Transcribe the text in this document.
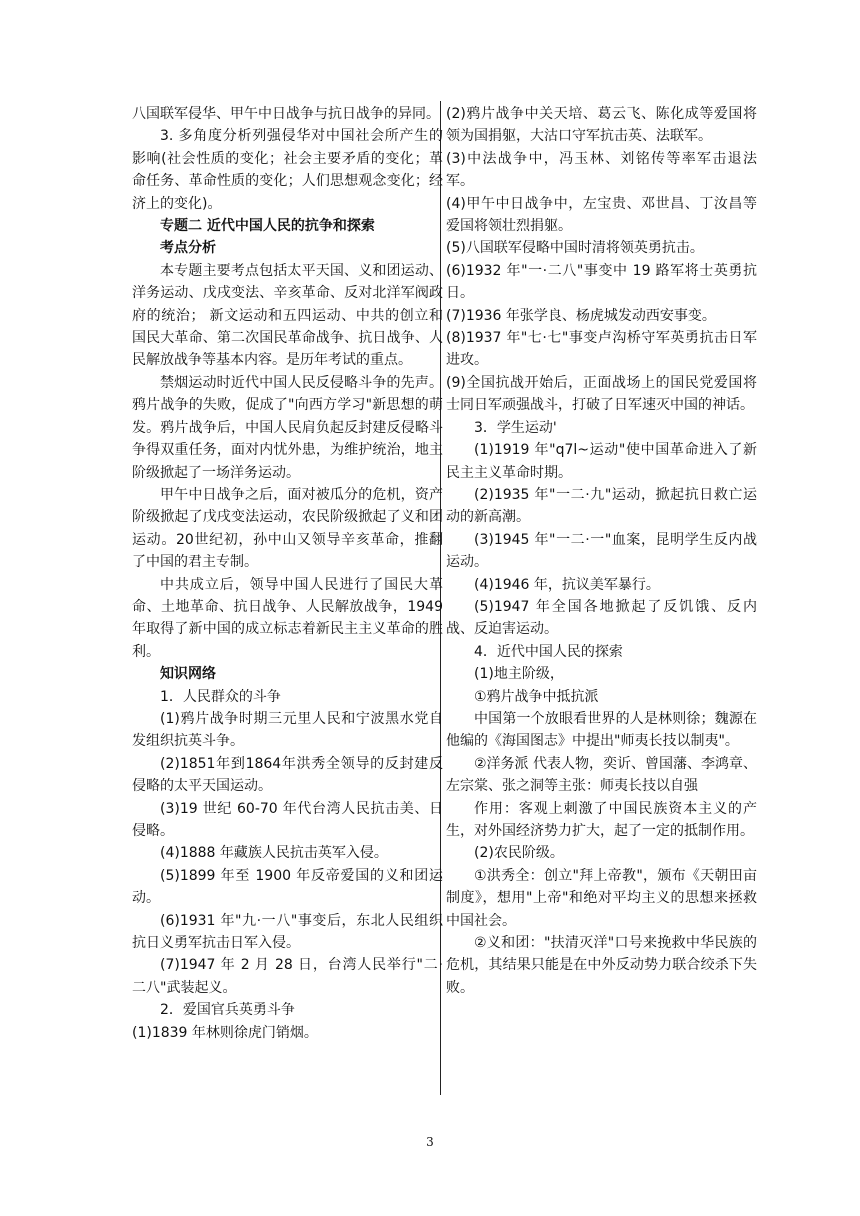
八国联军侵华、甲午中日战争与抗日战争的异同。

3. 多角度分析列强侵华对中国社会所产生的影响(社会性质的变化；社会主要矛盾的变化；革命任务、革命性质的变化；人们思想观念变化；经济上的变化)。

专题二 近代中国人民的抗争和探索

考点分析

本专题主要考点包括太平天国、义和团运动、洋务运动、戊戌变法、辛亥革命、反对北洋军阀政府的统治； 新文运动和五四运动、中共的创立和国民大革命、第二次国民革命战争、抗日战争、人民解放战争等基本内容。是历年考试的重点。

禁烟运动时近代中国人民反侵略斗争的先声。鸦片战争的失败，促成了"向西方学习"新思想的萌发。鸦片战争后，中国人民肩负起反封建反侵略斗争得双重任务，面对内忧外患，为维护统治，地主阶级掀起了一场洋务运动。

甲午中日战争之后，面对被瓜分的危机，资产阶级掀起了戊戌变法运动，农民阶级掀起了义和团运动。20世纪初，孙中山又领导辛亥革命，推翻了中国的君主专制。

中共成立后，领导中国人民进行了国民大革命、土地革命、抗日战争、人民解放战争，1949 年取得了新中国的成立标志着新民主主义革命的胜利。

知识网络

1．人民群众的斗争

(1)鸦片战争时期三元里人民和宁波黑水党自发组织抗英斗争。

(2)1851年到1864年洪秀全领导的反封建反侵略的太平天国运动。

(3)19 世纪 60-70 年代台湾人民抗击美、日侵略。

(4)1888 年藏族人民抗击英军入侵。

(5)1899 年至 1900 年反帝爱国的义和团运动。

(6)1931 年"九·一八"事变后，东北人民组织抗日义勇军抗击日军入侵。

(7)1947 年 2 月 28 日，台湾人民举行"二·二八"武装起义。

2．爱国官兵英勇斗争

(1)1839 年林则徐虎门销烟。

(2)鸦片战争中关天培、葛云飞、陈化成等爱国将领为国捐躯，大沽口守军抗击英、法联军。

(3)中法战争中，冯玉林、刘铭传等率军击退法军。

(4)甲午中日战争中，左宝贵、邓世昌、丁汝昌等爱国将领壮烈捐躯。

(5)八国联军侵略中国时清将领英勇抗击。

(6)1932 年"一·二八"事变中 19 路军将士英勇抗日。

(7)1936 年张学良、杨虎城发动西安事变。

(8)1937 年"七·七"事变卢沟桥守军英勇抗击日军进攻。

(9)全国抗战开始后，正面战场上的国民党爱国将士同日军顽强战斗，打破了日军速灭中国的神话。

3．学生运动'

(1)1919 年"q7l~运动"使中国革命进入了新民主主义革命时期。

(2)1935 年"一二·九"运动，掀起抗日救亡运动的新高潮。

(3)1945 年"一二·一"血案，昆明学生反内战运动。

(4)1946 年，抗议美军暴行。

(5)1947 年全国各地掀起了反饥饿、反内战、反迫害运动。

4．近代中国人民的探索

(1)地主阶级，

①鸦片战争中抵抗派

中国第一个放眼看世界的人是林则徐；魏源在他编的《海国图志》中提出"师夷长技以制夷"。

②洋务派 代表人物，奕䜣、曾国藩、李鸿章、左宗棠、张之洞等主张：师夷长技以自强

作用：客观上刺激了中国民族资本主义的产生，对外国经济势力扩大，起了一定的抵制作用。

(2)农民阶级。

①洪秀全：创立"拜上帝教"，颁布《天朝田亩制度》，想用"上帝"和绝对平均主义的思想来拯救中国社会。

②义和团："扶清灭洋"口号来挽救中华民族的危机，其结果只能是在中外反动势力联合绞杀下失败。

3
